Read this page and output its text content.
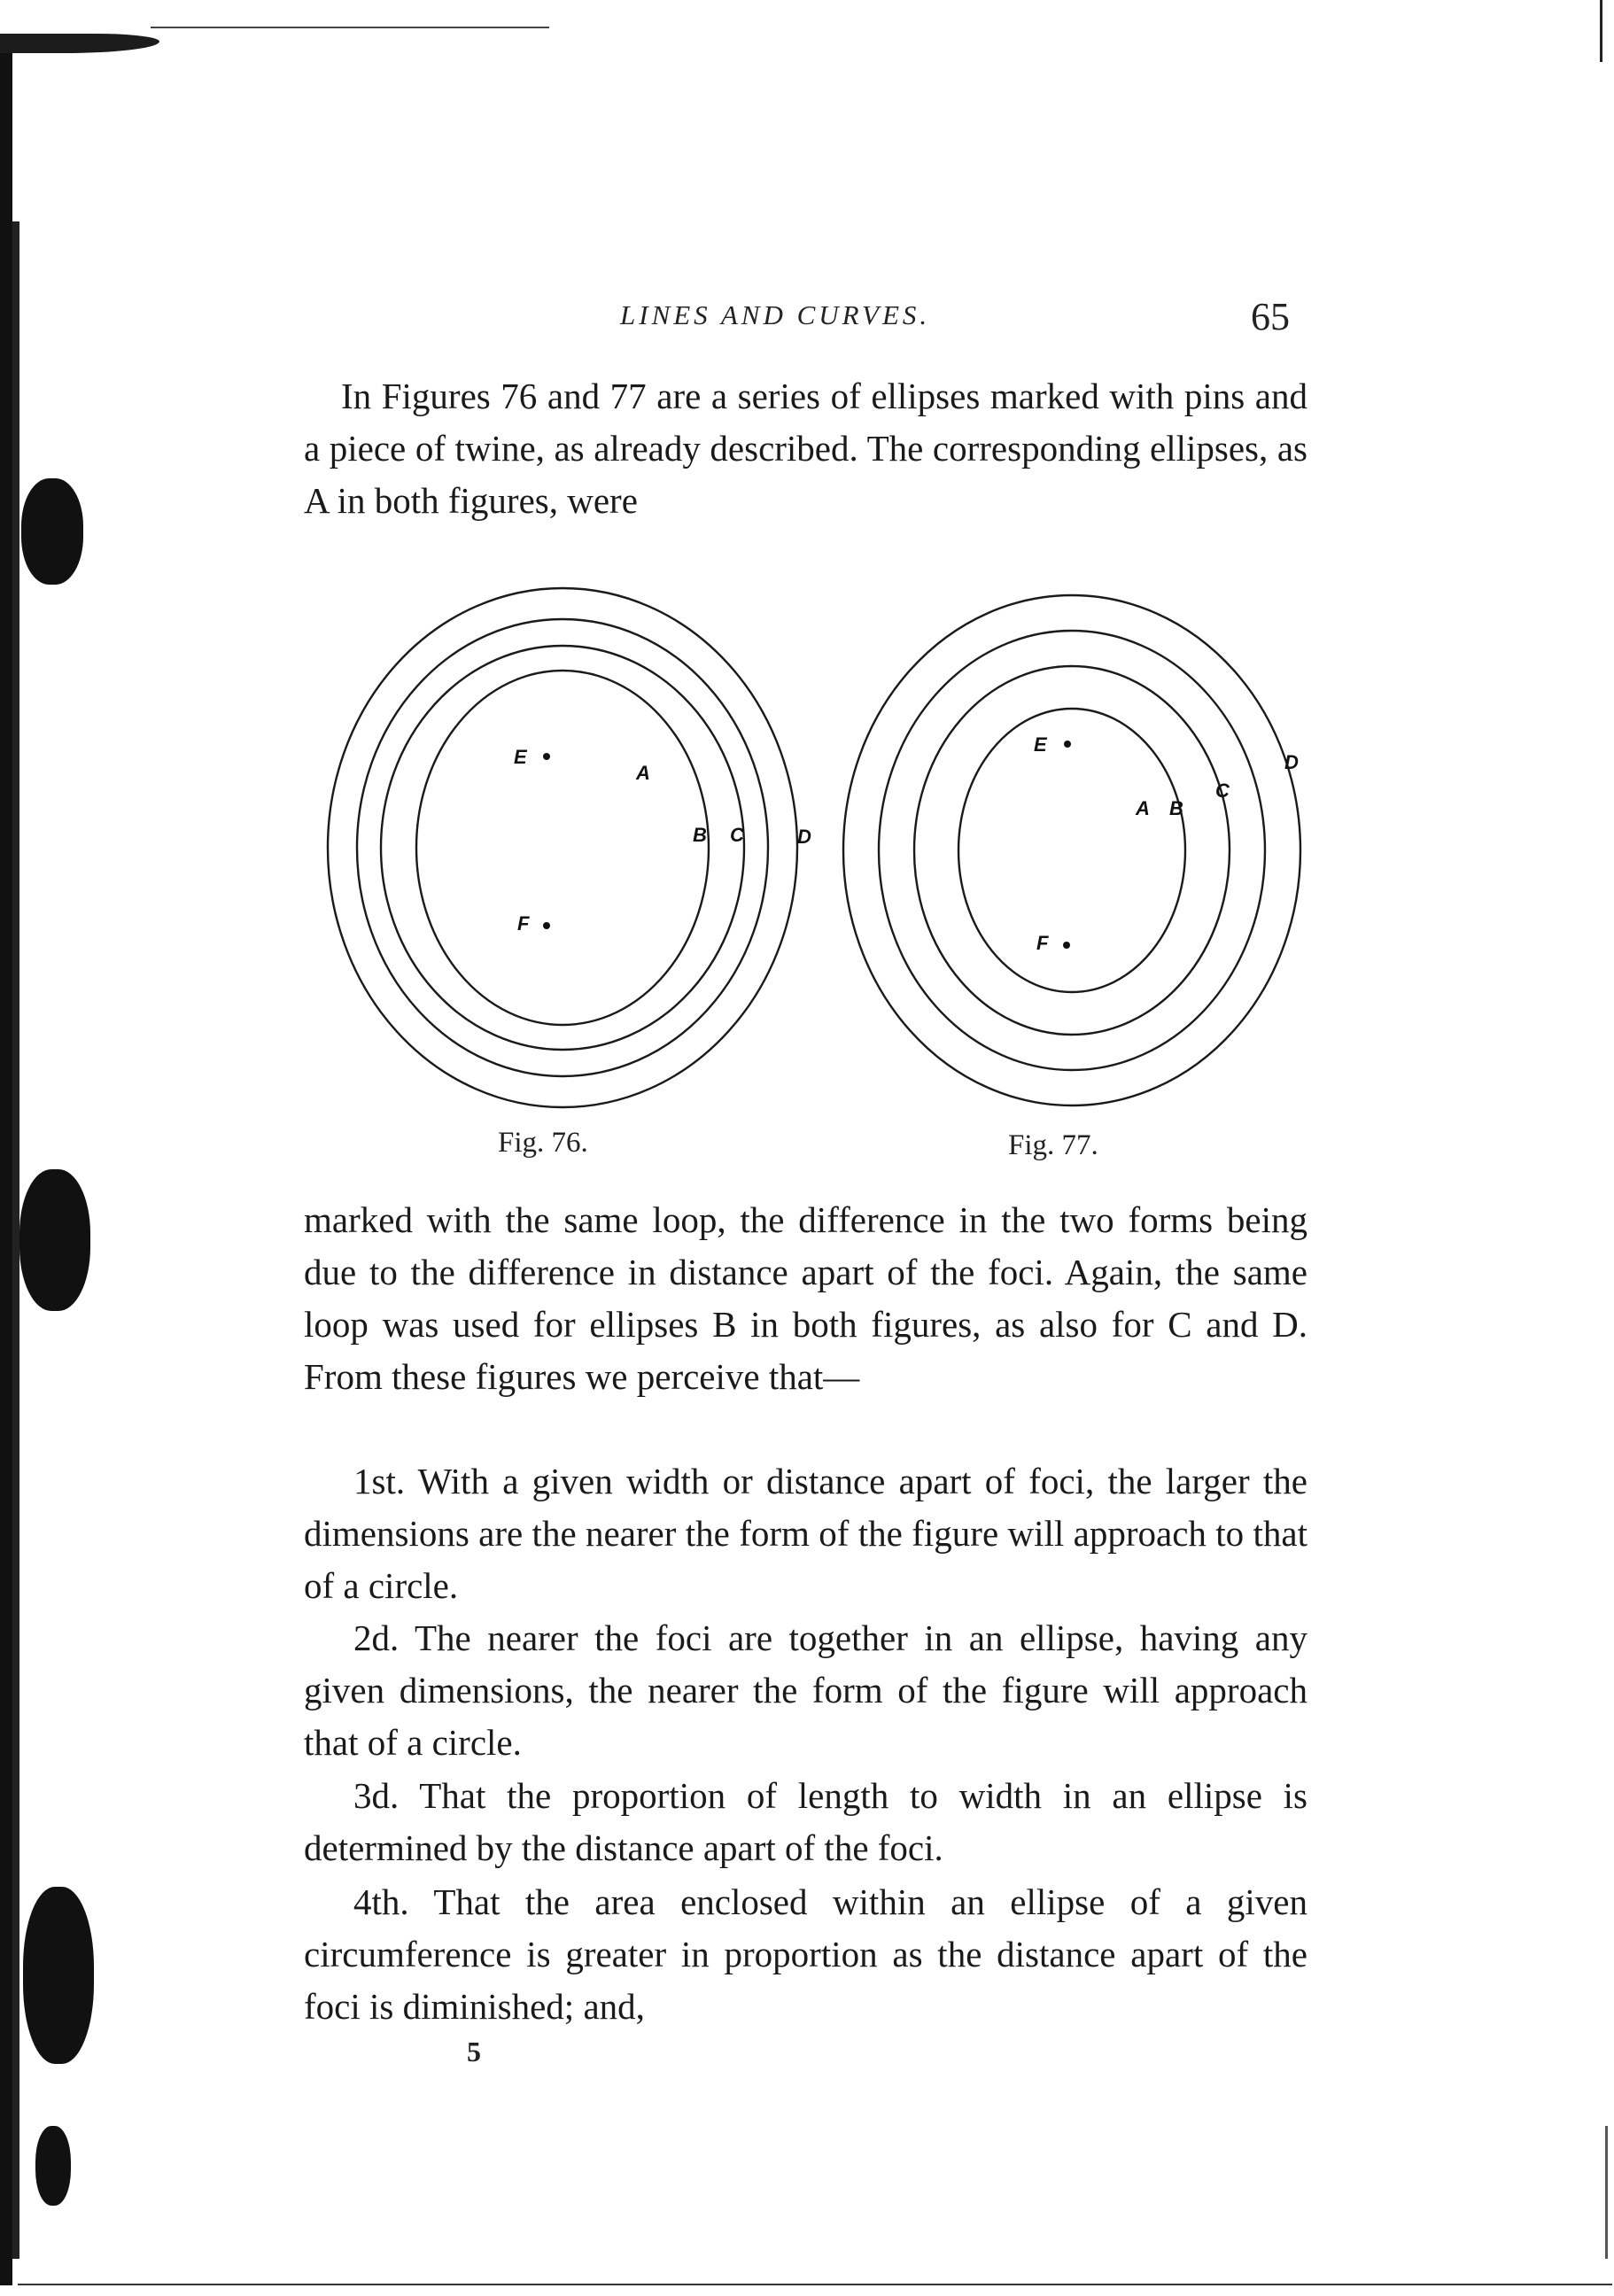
LINES AND CURVES.	65

In Figures 76 and 77 are a series of ellipses marked with pins and a piece of twine, as already described. The corresponding ellipses, as A in both figures, were

E
A
B C	D
F
E
A B
C
D
F
Fig. 76.	Fig. 77.

marked with the same loop, the difference in the two forms being due to the difference in distance apart of the foci. Again, the same loop was used for ellipses B in both figures, as also for C and D. From these figures we perceive that—

1st. With a given width or distance apart of foci, the larger the dimensions are the nearer the form of the figure will approach to that of a circle.

2d. The nearer the foci are together in an ellipse, having any given dimensions, the nearer the form of the figure will approach that of a circle.

3d. That the proportion of length to width in an ellipse is determined by the distance apart of the foci.

4th. That the area enclosed within an ellipse of a given circumference is greater in proportion as the distance apart of the foci is diminished; and,

5
